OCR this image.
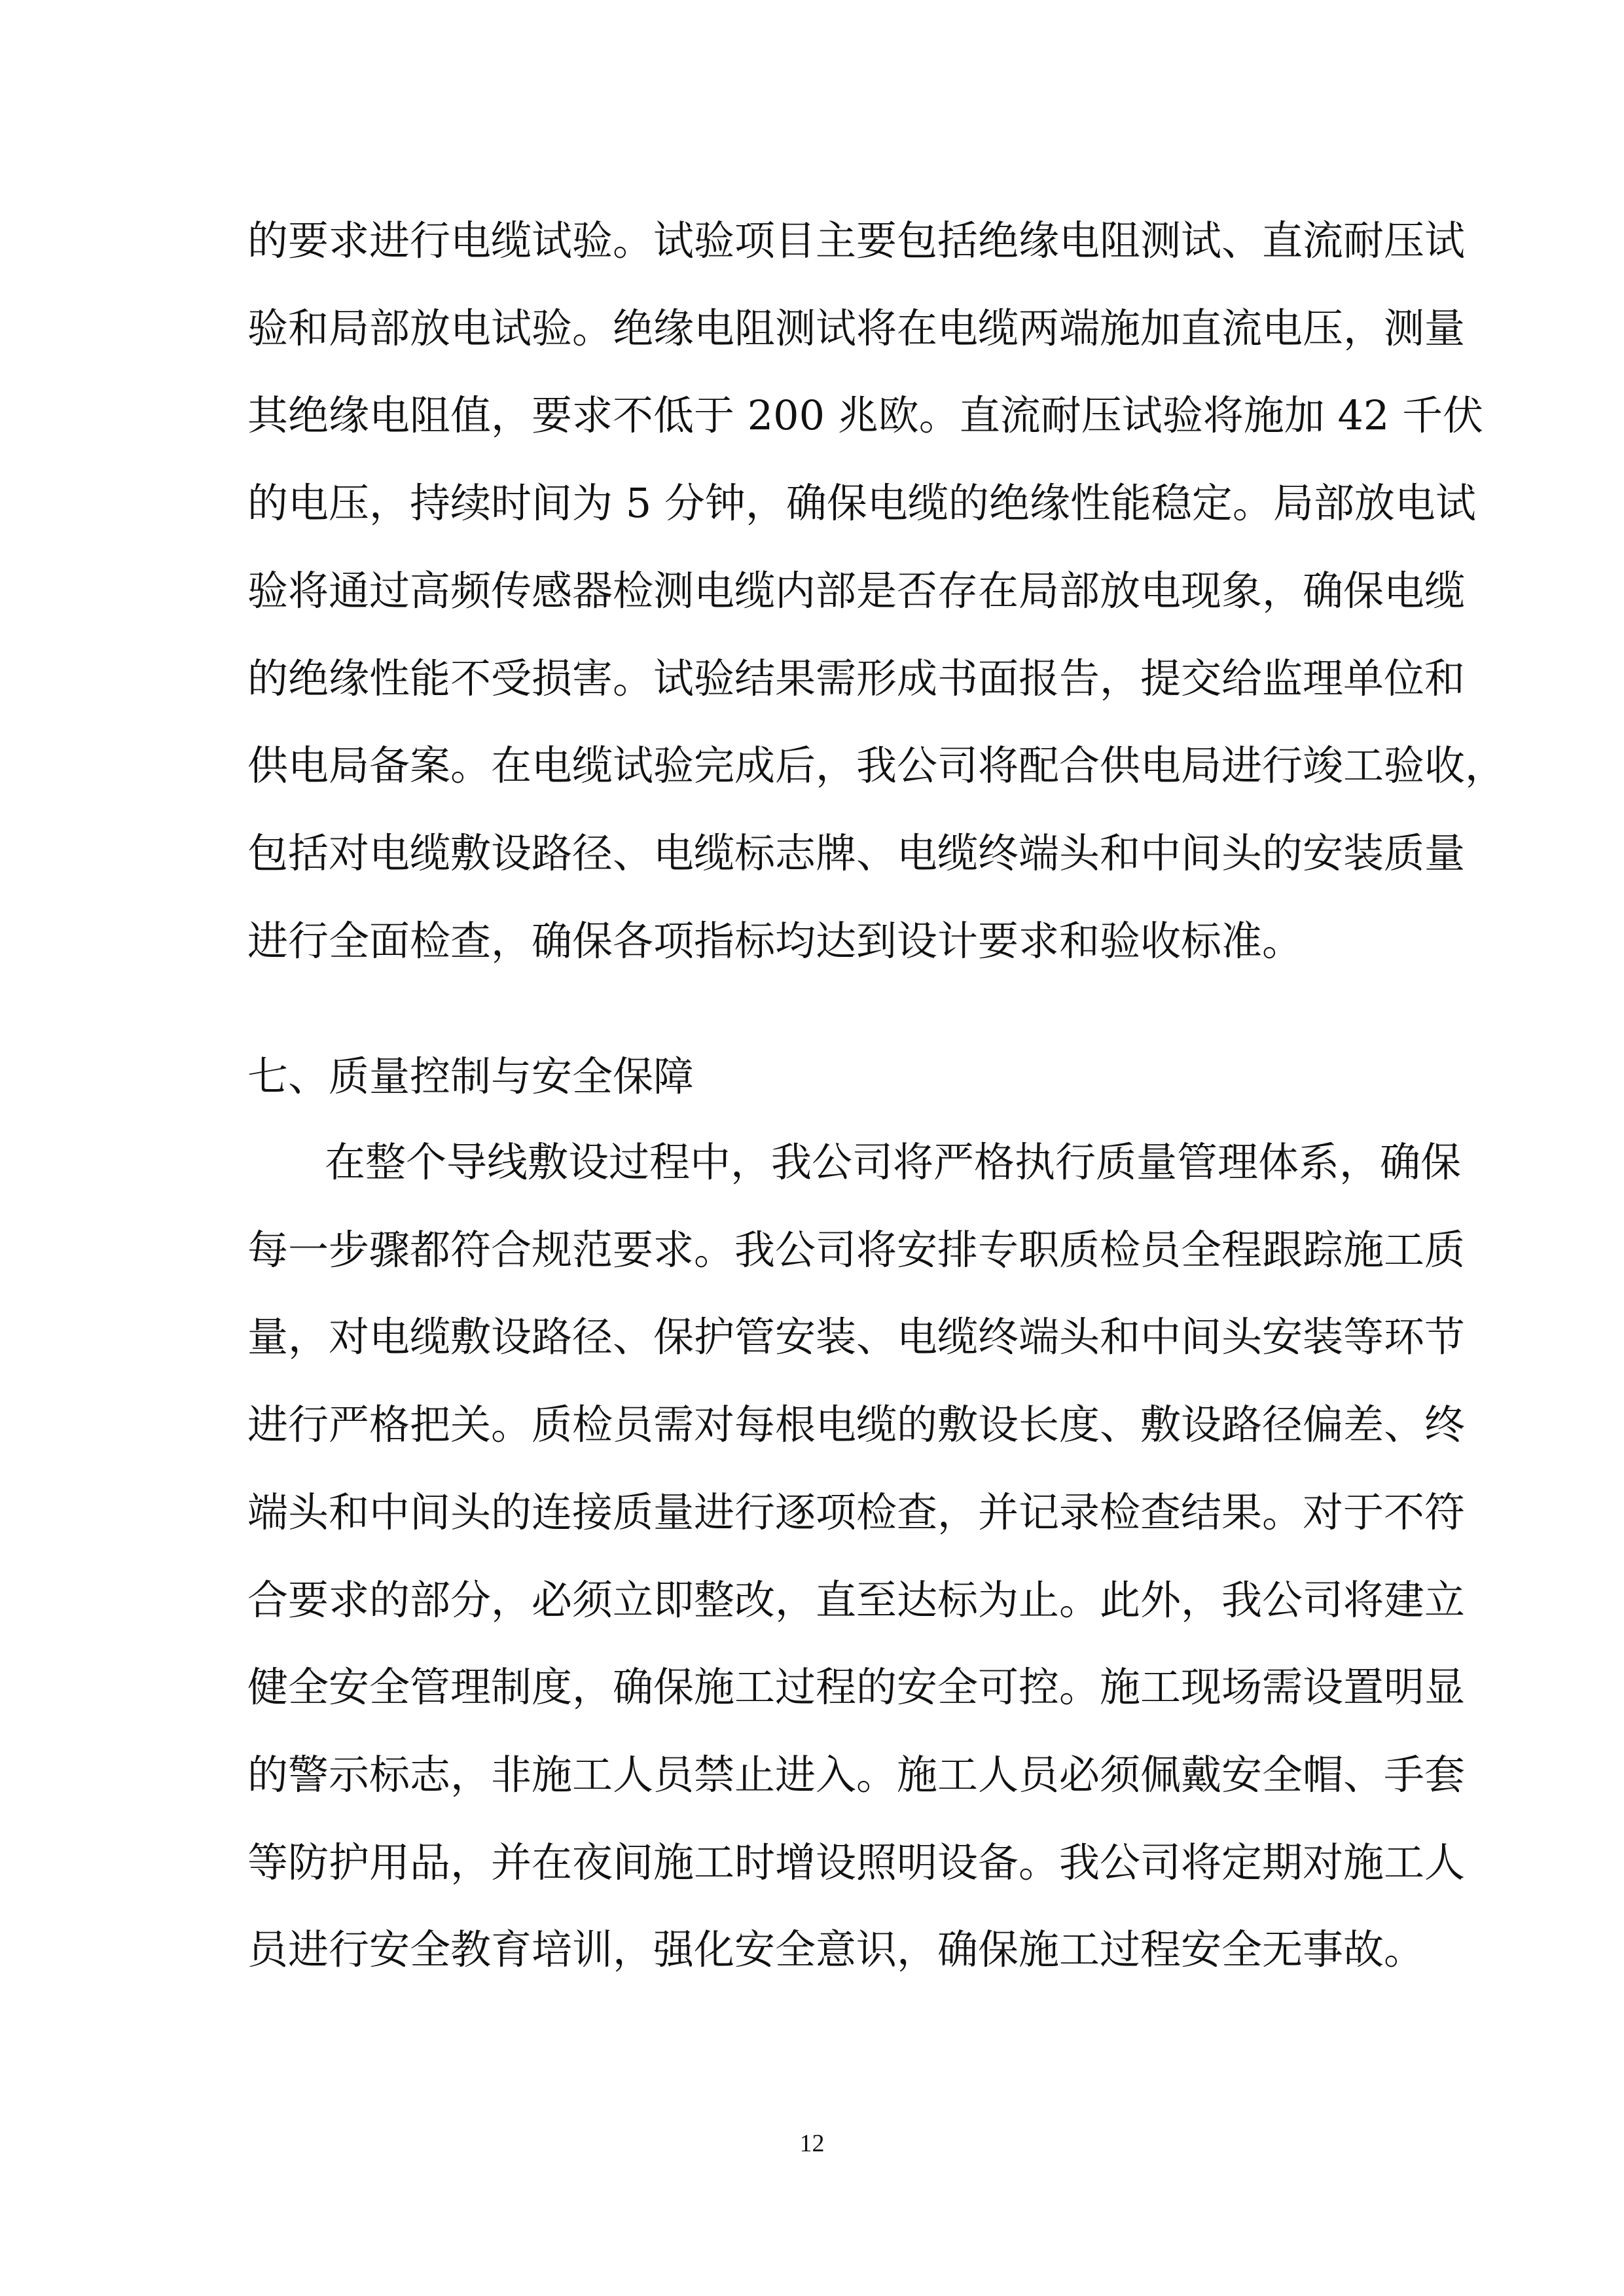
的要求进行电缆试验。试验项目主要包括绝缘电阻测试、直流耐压试
验和局部放电试验。绝缘电阻测试将在电缆两端施加直流电压，测量
其绝缘电阻值，要求不低于 200 兆欧。直流耐压试验将施加 42 千伏
的电压，持续时间为 5 分钟，确保电缆的绝缘性能稳定。局部放电试
验将通过高频传感器检测电缆内部是否存在局部放电现象，确保电缆
的绝缘性能不受损害。试验结果需形成书面报告，提交给监理单位和
供电局备案。在电缆试验完成后，我公司将配合供电局进行竣工验收，
包括对电缆敷设路径、电缆标志牌、电缆终端头和中间头的安装质量
进行全面检查，确保各项指标均达到设计要求和验收标准。
七、质量控制与安全保障
在整个导线敷设过程中，我公司将严格执行质量管理体系，确保
每一步骤都符合规范要求。我公司将安排专职质检员全程跟踪施工质
量，对电缆敷设路径、保护管安装、电缆终端头和中间头安装等环节
进行严格把关。质检员需对每根电缆的敷设长度、敷设路径偏差、终
端头和中间头的连接质量进行逐项检查，并记录检查结果。对于不符
合要求的部分，必须立即整改，直至达标为止。此外，我公司将建立
健全安全管理制度，确保施工过程的安全可控。施工现场需设置明显
的警示标志，非施工人员禁止进入。施工人员必须佩戴安全帽、手套
等防护用品，并在夜间施工时增设照明设备。我公司将定期对施工人
员进行安全教育培训，强化安全意识，确保施工过程安全无事故。
12
